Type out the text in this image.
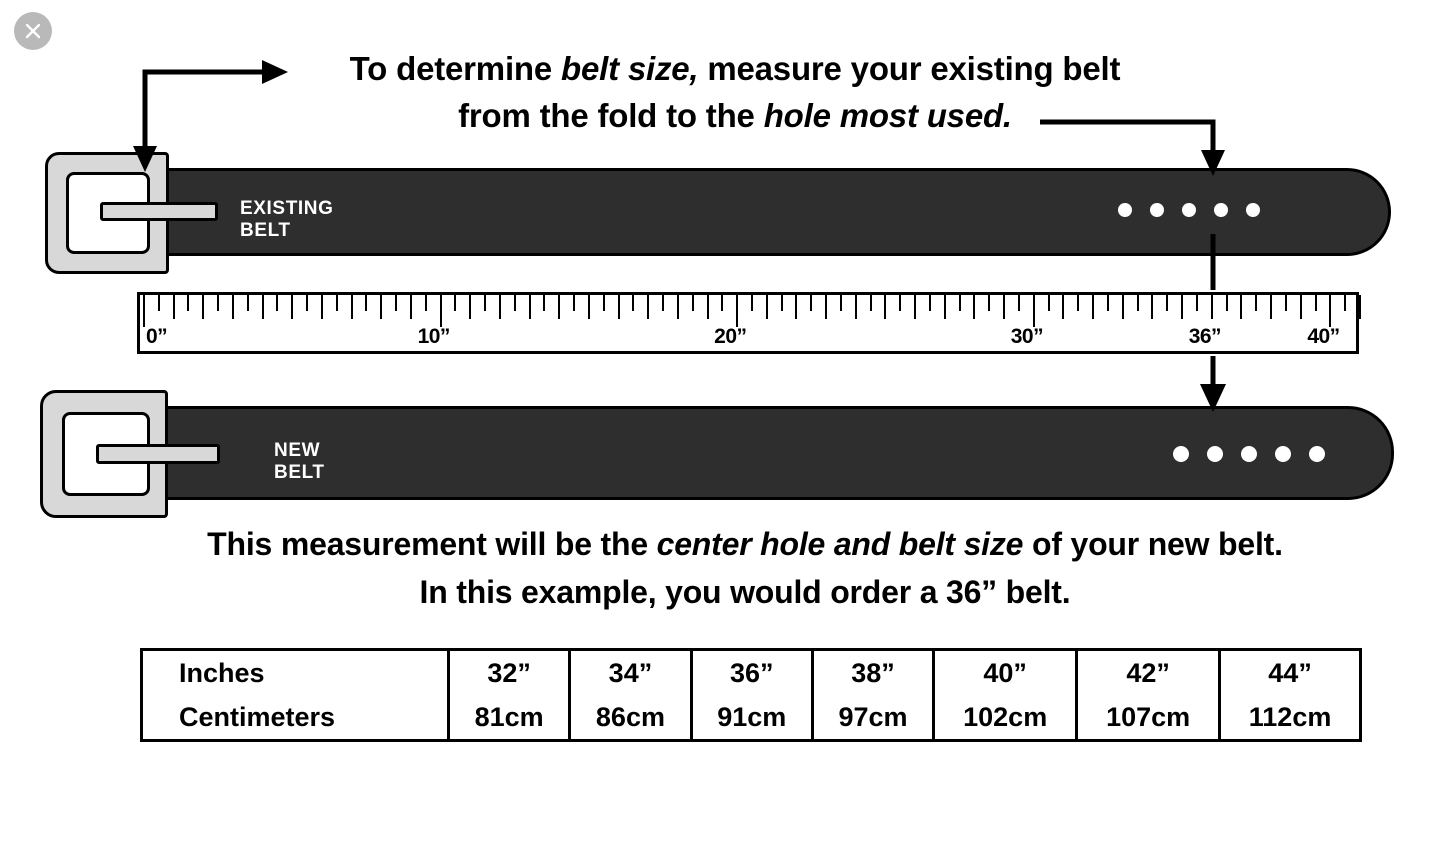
To determine belt size, measure your existing belt
from the fold to the hole most used.
EXISTING BELT
0”	10”	20”	30”	36”	40”
NEW BELT
This measurement will be the center hole and belt size of your new belt.
In this example, you would order a 36” belt.
Inches	32”	34”	36”	38”	40”	42”	44”
Centimeters	81cm	86cm	91cm	97cm	102cm	107cm	112cm
